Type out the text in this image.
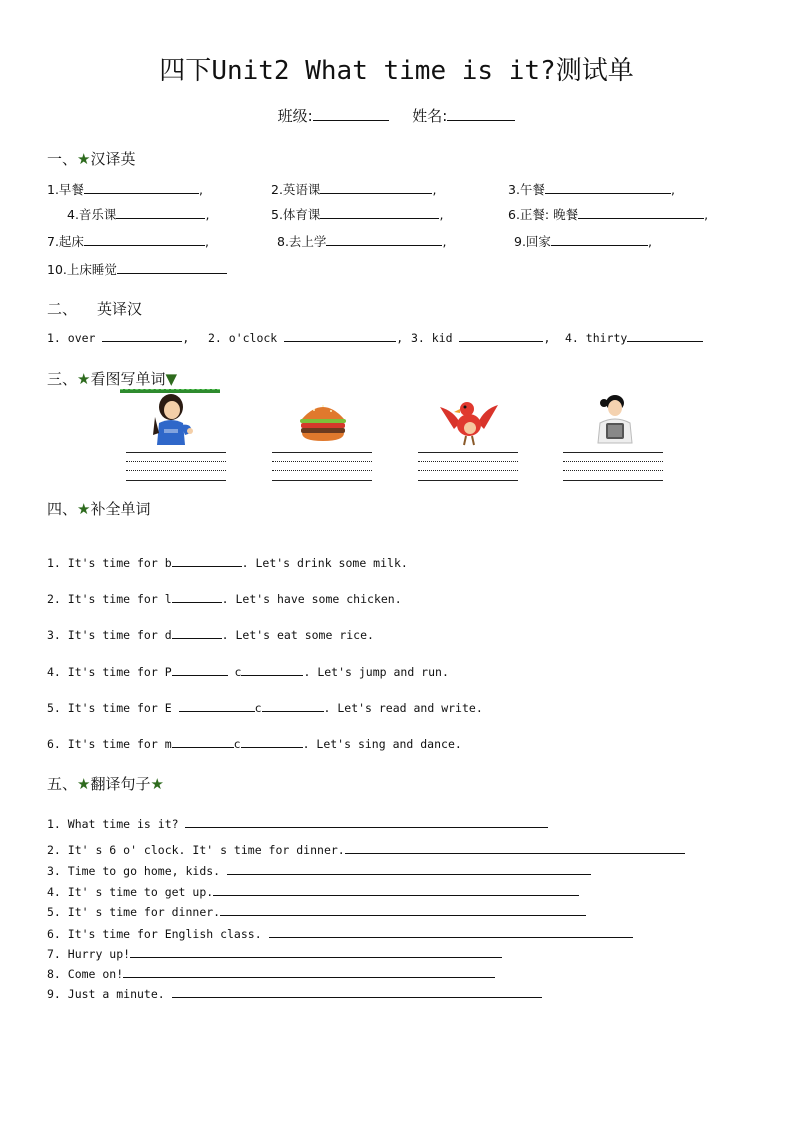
四下Unit2 What time is it?测试单
班级:	姓名:
一、★汉译英
1.早餐	,	2.英语课	,	3.午餐	,
4.音乐课	,	5.体育课	,	6.正餐: 晚餐	,
7.起床	,	8.去上学	,	9.回家	,
10.上床睡觉
二、 英译汉
1. over	, 2. o'clock	, 3. kid	, 4. thirty
三、★看图写单词▼
四、★补全单词
1. It's time for b	. Let's drink some milk.
2. It's time for l	. Let's have some chicken.
3. It's time for d	. Let's eat some rice.
4. It's time for P	c	. Let's jump and run.
5. It's time for E	c	. Let's read and write.
6. It's time for m	c	. Let's sing and dance.
五、★翻译句子★
1. What time is it?
2. It' s 6 o' clock. It' s time for dinner.
3. Time to go home, kids.
4. It' s time to get up.
5. It' s time for dinner.
6. It's time for English class.
7. Hurry up!
8. Come on!
9. Just a minute.
